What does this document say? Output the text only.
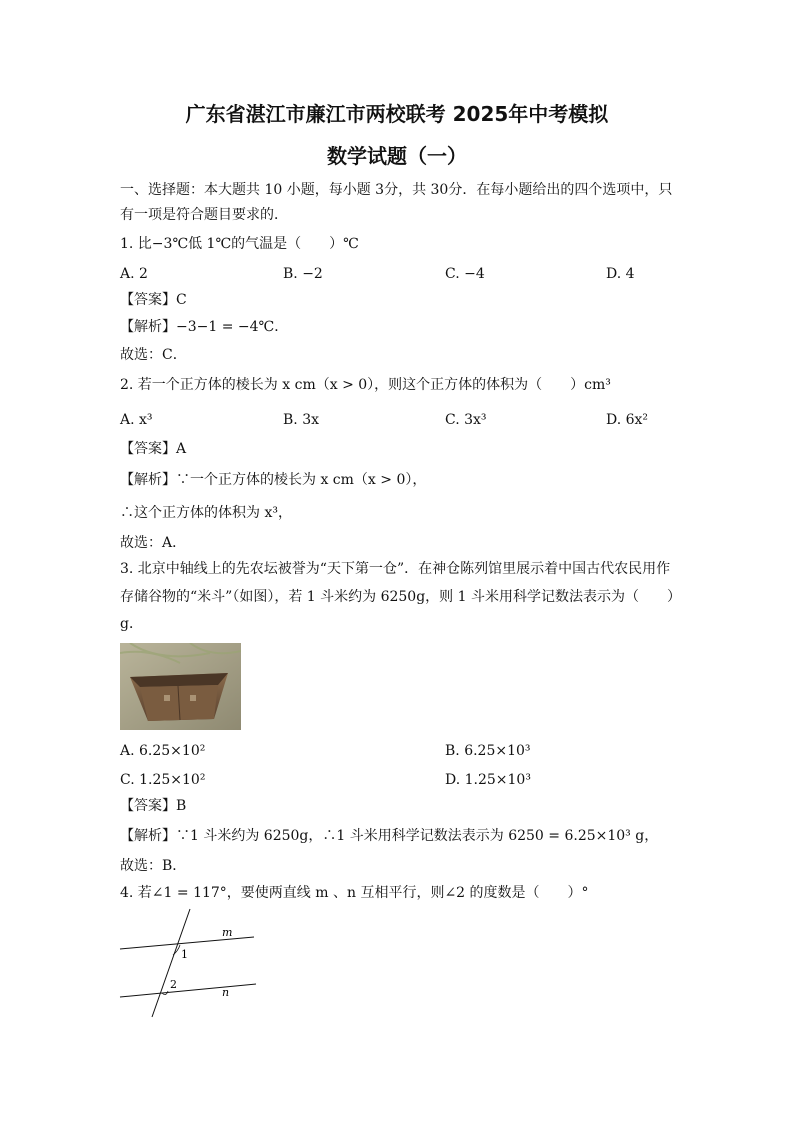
广东省湛江市廉江市两校联考 2025年中考模拟
数学试题（一）
一、选择题：本大题共 10 小题，每小题 3分，共 30分．在每小题给出的四个选项中，只
有一项是符合题目要求的．
1. 比−3℃低 1℃的气温是（　　）℃
A. 2	B. −2	C. −4	D. 4
【答案】C
【解析】−3−1 = −4℃．
故选：C．
2. 若一个正方体的棱长为 x cm（x > 0），则这个正方体的体积为（　　）cm³
A. x³	B. 3x	C. 3x³	D. 6x²
【答案】A
【解析】∵一个正方体的棱长为 x cm（x > 0），
∴这个正方体的体积为 x³，
故选：A．
3. 北京中轴线上的先农坛被誉为“天下第一仓”．在神仓陈列馆里展示着中国古代农民用作
存储谷物的“米斗”（如图），若 1 斗米约为 6250g，则 1 斗米用科学记数法表示为（　　）
g．
A. 6.25×10²	B. 6.25×10³
C. 1.25×10²	D. 1.25×10³
【答案】B
【解析】∵1 斗米约为 6250g，∴1 斗米用科学记数法表示为 6250 = 6.25×10³ g，
故选：B．
4. 若∠1 = 117°，要使两直线 m 、n 互相平行，则∠2 的度数是（　　）°
m
n
1
2
